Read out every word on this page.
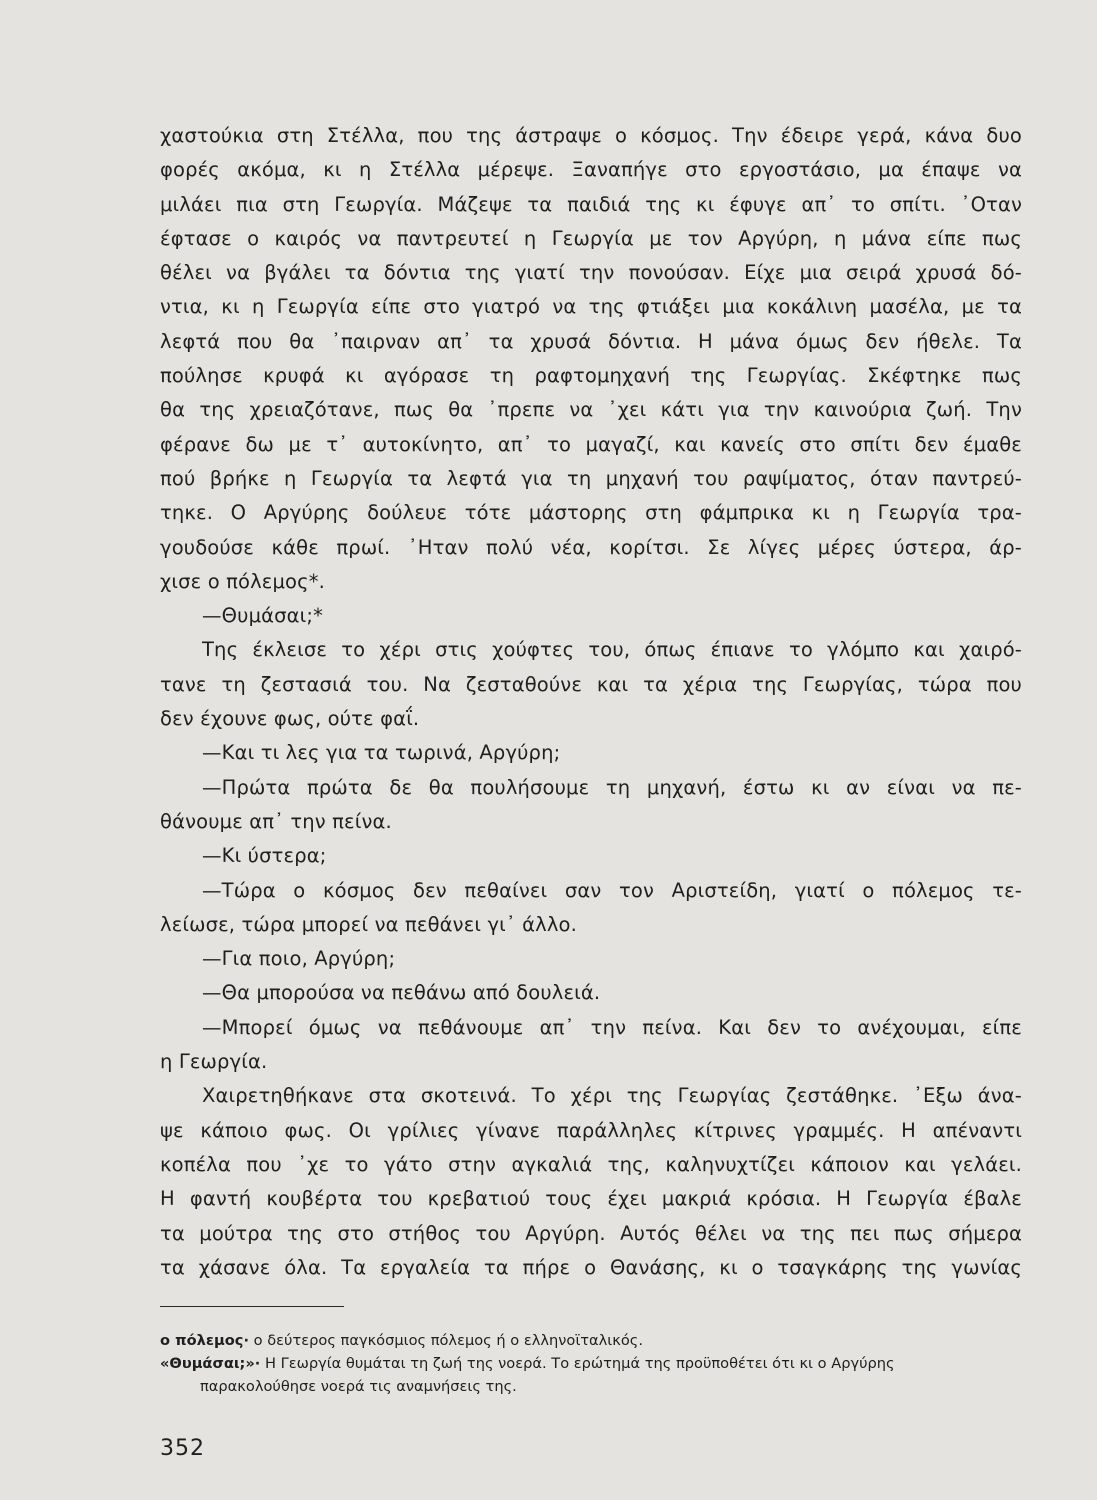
χαστούκια στη Στέλλα, που της άστραψε ο κόσμος. Την έδειρε γερά, κάνα δυο
φορές ακόμα, κι η Στέλλα μέρεψε. Ξαναπήγε στο εργοστάσιο, μα έπαψε να
μιλάει πια στη Γεωργία. Μάζεψε τα παιδιά της κι έφυγε απ᾽ το σπίτι. ᾽Οταν
έφτασε ο καιρός να παντρευτεί η Γεωργία με τον Αργύρη, η μάνα είπε πως
θέλει να βγάλει τα δόντια της γιατί την πονούσαν. Είχε μια σειρά χρυσά δό-
ντια, κι η Γεωργία είπε στο γιατρό να της φτιάξει μια κοκάλινη μασέλα, με τα
λεφτά που θα ᾽παιρναν απ᾽ τα χρυσά δόντια. Η μάνα όμως δεν ήθελε. Τα
πούλησε κρυφά κι αγόρασε τη ραφτομηχανή της Γεωργίας. Σκέφτηκε πως
θα της χρειαζότανε, πως θα ᾽πρεπε να ᾽χει κάτι για την καινούρια ζωή. Την
φέρανε δω με τ᾽ αυτοκίνητο, απ᾽ το μαγαζί, και κανείς στο σπίτι δεν έμαθε
πού βρήκε η Γεωργία τα λεφτά για τη μηχανή του ραψίματος, όταν παντρεύ-
τηκε. Ο Αργύρης δούλευε τότε μάστορης στη φάμπρικα κι η Γεωργία τρα-
γουδούσε κάθε πρωί. ᾽Ηταν πολύ νέα, κορίτσι. Σε λίγες μέρες ύστερα, άρ-
χισε ο πόλεμος*.
—Θυμάσαι;*
Της έκλεισε το χέρι στις χούφτες του, όπως έπιανε το γλόμπο και χαιρό-
τανε τη ζεστασιά του. Να ζεσταθούνε και τα χέρια της Γεωργίας, τώρα που
δεν έχουνε φως, ούτε φαΐ.
—Και τι λες για τα τωρινά, Αργύρη;
—Πρώτα πρώτα δε θα πουλήσουμε τη μηχανή, έστω κι αν είναι να πε-
θάνουμε απ᾽ την πείνα.
—Κι ύστερα;
—Τώρα ο κόσμος δεν πεθαίνει σαν τον Αριστείδη, γιατί ο πόλεμος τε-
λείωσε, τώρα μπορεί να πεθάνει γι᾽ άλλο.
—Για ποιο, Αργύρη;
—Θα μπορούσα να πεθάνω από δουλειά.
—Μπορεί όμως να πεθάνουμε απ᾽ την πείνα. Και δεν το ανέχουμαι, είπε
η Γεωργία.
Χαιρετηθήκανε στα σκοτεινά. Το χέρι της Γεωργίας ζεστάθηκε. ᾽Εξω άνα-
ψε κάποιο φως. Οι γρίλιες γίνανε παράλληλες κίτρινες γραμμές. Η απέναντι
κοπέλα που ᾽χε το γάτο στην αγκαλιά της, καληνυχτίζει κάποιον και γελάει.
Η φαντή κουβέρτα του κρεβατιού τους έχει μακριά κρόσια. Η Γεωργία έβαλε
τα μούτρα της στο στήθος του Αργύρη. Αυτός θέλει να της πει πως σήμερα
τα χάσανε όλα. Τα εργαλεία τα πήρε ο Θανάσης, κι ο τσαγκάρης της γωνίας
ο πόλεμος· ο δεύτερος παγκόσμιος πόλεμος ή ο ελληνοϊταλικός.
«Θυμάσαι;»· Η Γεωργία θυμάται τη ζωή της νοερά. Το ερώτημά της προϋποθέτει ότι κι ο Αργύρης
παρακολούθησε νοερά τις αναμνήσεις της.
352
